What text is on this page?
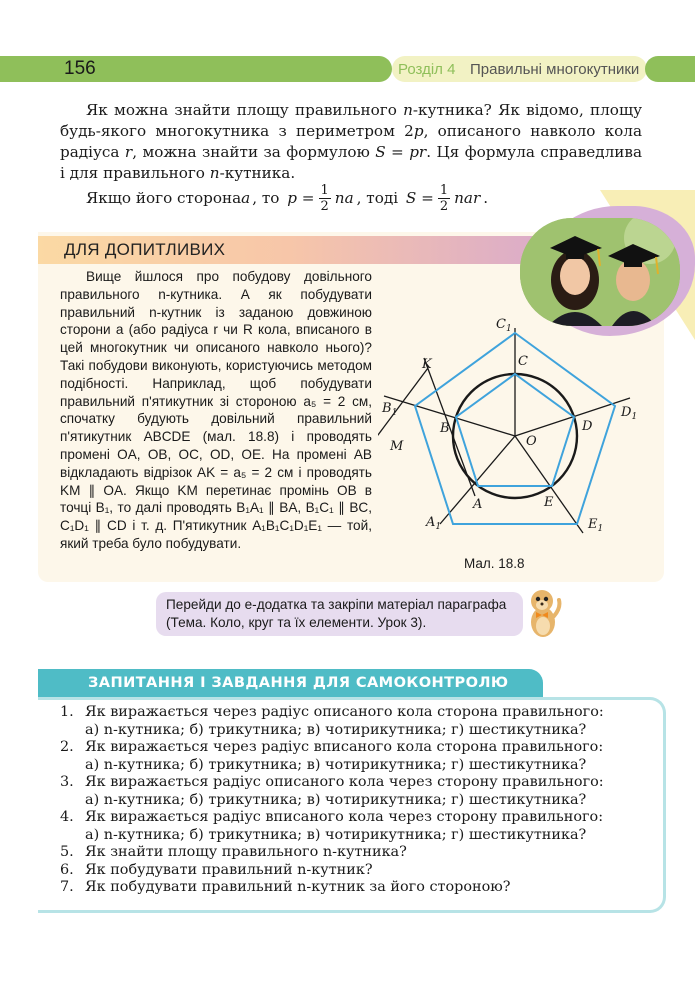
156	Розділ 4 Правильні многокутники
Як можна знайти площу правильного n-кутника? Як відомо, площу будь-якого многокутника з периметром 2p, описаного навколо кола радіуса r, можна знайти за формулою S = pr. Ця формула справедлива і для правильного n-кутника.
Якщо його сторона a , то $p = \frac{1}{2}$ na , тоді $S = \frac{1}{2}$ nar .
ДЛЯ ДОПИТЛИВИХ
Вище йшлося про побудову довільного правильного n-кутника. А як побудувати правильний n-кутник із заданою довжиною сторони a (або радіуса r чи R кола, вписаного в цей многокутник чи описаного навколо нього)? Такі побудови виконують, користуючись методом подібності. Наприклад, щоб побудувати правильний п'ятикутник зі стороною a₅ = 2 см, спочатку будують довільний правильний п'ятикутник ABCDE (мал. 18.8) і проводять промені OA, OB, OC, OD, OE. На промені AB відкладають відрізок AK = a₅ = 2 см і проводять KM ∥ OA. Якщо KM перетинає промінь OB в точці B₁, то далі проводять B₁A₁ ∥ BA, B₁C₁ ∥ BC, C₁D₁ ∥ CD і т. д. П'ятикутник A₁B₁C₁D₁E₁ — той, який треба було побудувати.
$C_1$
C
K
$B_1$	$D_1$
B	D
O
M
A	E
$A_1$	$E_1$
Мал. 18.8
Перейди до е-додатка та закріпи матеріал параграфа (Тема. Коло, круг та їх елементи. Урок 3).
ЗАПИТАННЯ І ЗАВДАННЯ ДЛЯ САМОКОНТРОЛЮ
1. Як виражається через радіус описаного кола сторона правильного:
а) n-кутника; б) трикутника; в) чотирикутника; г) шестикутника?
2. Як виражається через радіус вписаного кола сторона правильного:
а) n-кутника; б) трикутника; в) чотирикутника; г) шестикутника?
3. Як виражається радіус описаного кола через сторону правильного:
а) n-кутника; б) трикутника; в) чотирикутника; г) шестикутника?
4. Як виражається радіус вписаного кола через сторону правильного:
а) n-кутника; б) трикутника; в) чотирикутника; г) шестикутника?
5. Як знайти площу правильного n-кутника?
6. Як побудувати правильний n-кутник?
7. Як побудувати правильний n-кутник за його стороною?
